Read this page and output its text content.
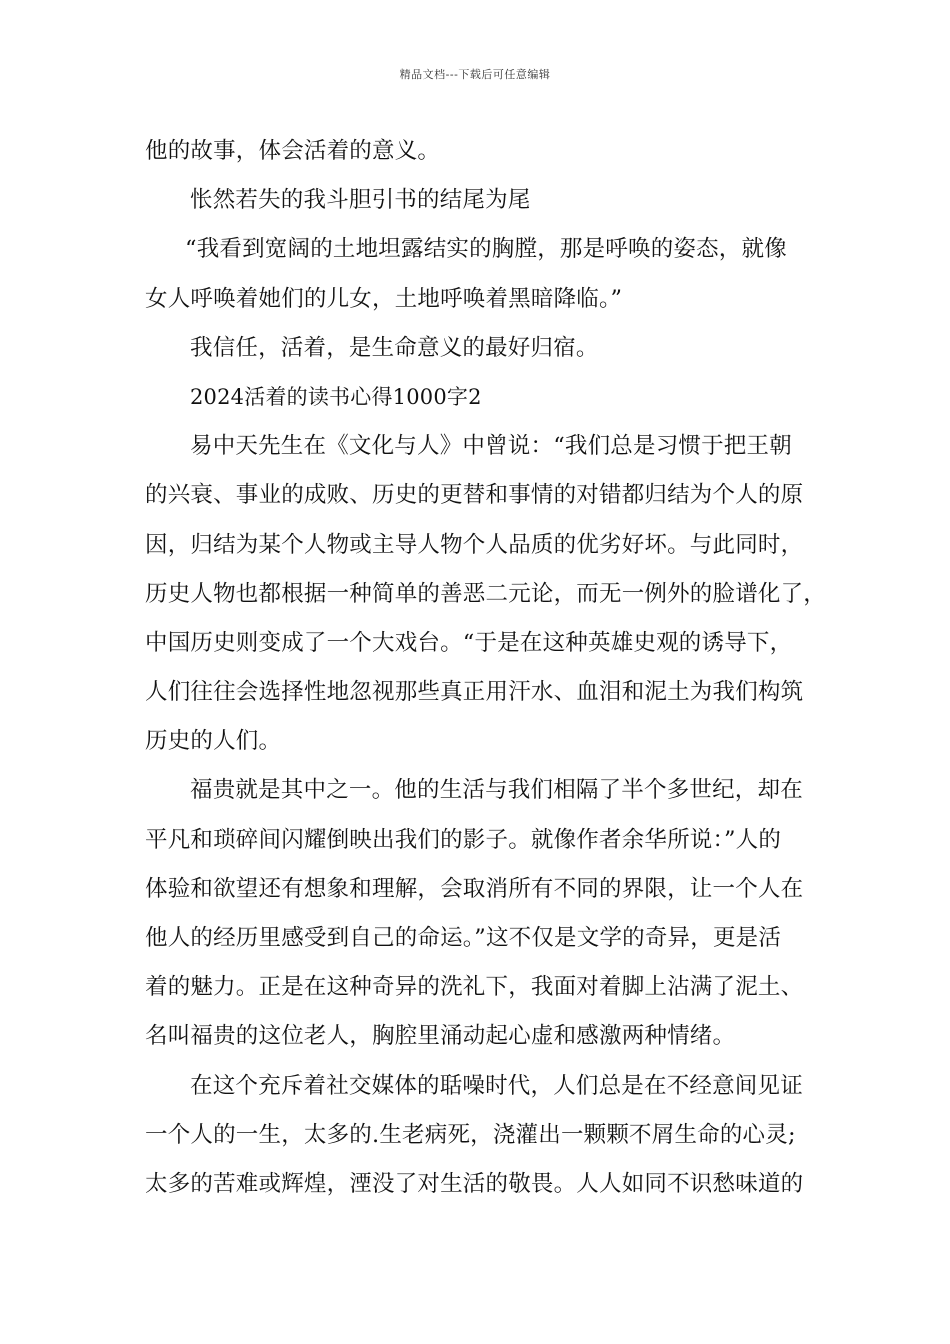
精品文档---下载后可任意编辑
他的故事，体会活着的意义。
怅然若失的我斗胆引书的结尾为尾
“我看到宽阔的土地坦露结实的胸膛，那是呼唤的姿态，就像
女人呼唤着她们的儿女，土地呼唤着黑暗降临。”
我信任，活着，是生命意义的最好归宿。
2024活着的读书心得1000字2
易中天先生在《文化与人》中曾说：“我们总是习惯于把王朝
的兴衰、事业的成败、历史的更替和事情的对错都归结为个人的原
因，归结为某个人物或主导人物个人品质的优劣好坏。与此同时，
历史人物也都根据一种简单的善恶二元论，而无一例外的脸谱化了，
中国历史则变成了一个大戏台。“于是在这种英雄史观的诱导下，
人们往往会选择性地忽视那些真正用汗水、血泪和泥土为我们构筑
历史的人们。
福贵就是其中之一。他的生活与我们相隔了半个多世纪，却在
平凡和琐碎间闪耀倒映出我们的影子。就像作者余华所说：”人的
体验和欲望还有想象和理解，会取消所有不同的界限，让一个人在
他人的经历里感受到自己的命运。”这不仅是文学的奇异，更是活
着的魅力。正是在这种奇异的洗礼下，我面对着脚上沾满了泥土、
名叫福贵的这位老人，胸腔里涌动起心虚和感激两种情绪。
在这个充斥着社交媒体的聒噪时代，人们总是在不经意间见证
一个人的一生，太多的.生老病死，浇灌出一颗颗不屑生命的心灵;
太多的苦难或辉煌，湮没了对生活的敬畏。人人如同不识愁味道的
